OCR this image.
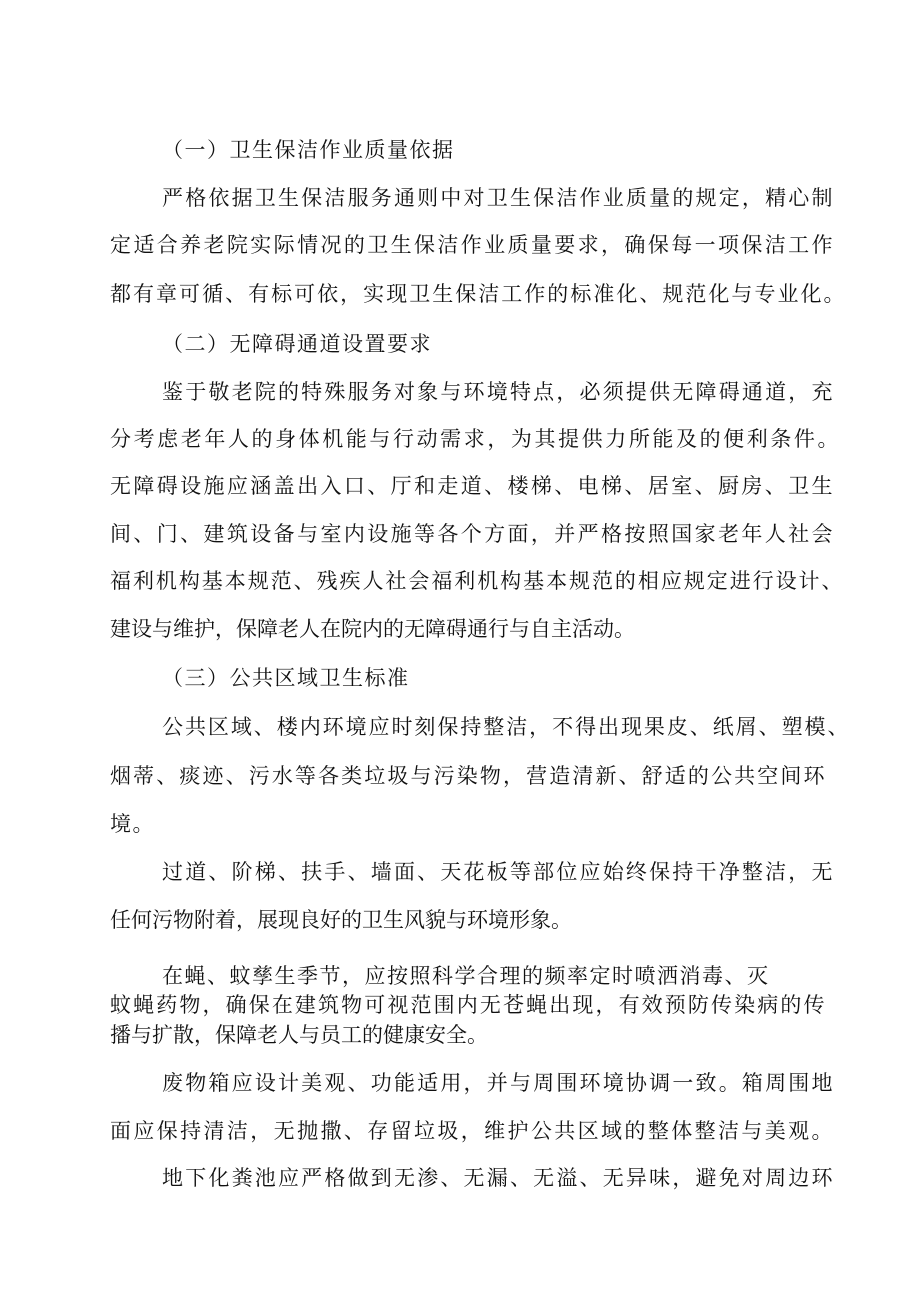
（一）卫生保洁作业质量依据
严格依据卫生保洁服务通则中对卫生保洁作业质量的规定，精心制
定适合养老院实际情况的卫生保洁作业质量要求，确保每一项保洁工作
都有章可循、有标可依，实现卫生保洁工作的标准化、规范化与专业化。
（二）无障碍通道设置要求
鉴于敬老院的特殊服务对象与环境特点，必须提供无障碍通道，充
分考虑老年人的身体机能与行动需求，为其提供力所能及的便利条件。
无障碍设施应涵盖出入口、厅和走道、楼梯、电梯、居室、厨房、卫生
间、门、建筑设备与室内设施等各个方面，并严格按照国家老年人社会
福利机构基本规范、残疾人社会福利机构基本规范的相应规定进行设计、
建设与维护，保障老人在院内的无障碍通行与自主活动。
（三）公共区域卫生标准
公共区域、楼内环境应时刻保持整洁，不得出现果皮、纸屑、塑模、
烟蒂、痰迹、污水等各类垃圾与污染物，营造清新、舒适的公共空间环
境。
过道、阶梯、扶手、墙面、天花板等部位应始终保持干净整洁，无
任何污物附着，展现良好的卫生风貌与环境形象。
在蝇、蚊孳生季节，应按照科学合理的频率定时喷洒消毒、灭
蚊蝇药物，确保在建筑物可视范围内无苍蝇出现，有效预防传染病的传
播与扩散，保障老人与员工的健康安全。
废物箱应设计美观、功能适用，并与周围环境协调一致。箱周围地
面应保持清洁，无抛撒、存留垃圾，维护公共区域的整体整洁与美观。
地下化粪池应严格做到无渗、无漏、无溢、无异味，避免对周边环
